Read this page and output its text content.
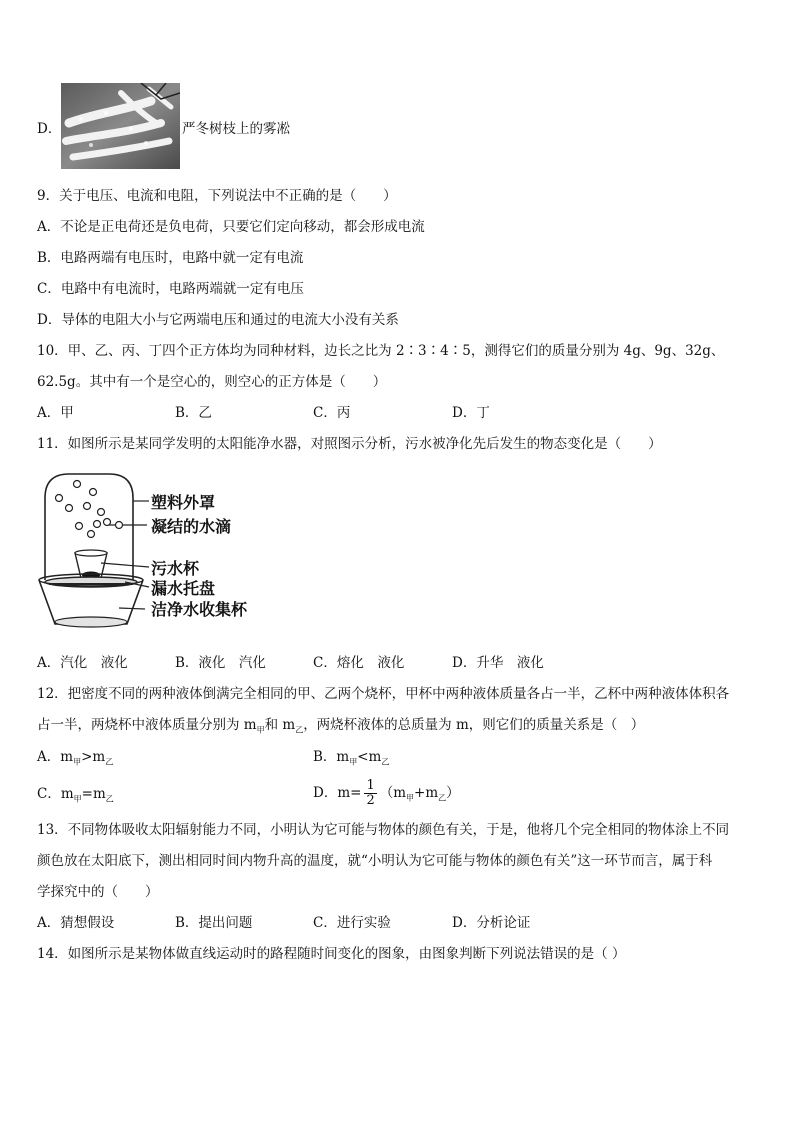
D．	严冬树枝上的雾凇
9．关于电压、电流和电阻，下列说法中不正确的是（　　）
A．不论是正电荷还是负电荷，只要它们定向移动，都会形成电流
B．电路两端有电压时，电路中就一定有电流
C．电路中有电流时，电路两端就一定有电压
D．导体的电阻大小与它两端电压和通过的电流大小没有关系
10．甲、乙、丙、丁四个正方体均为同种材料，边长之比为 2∶3∶4∶5，测得它们的质量分别为 4g、9g、32g、
62.5g。其中有一个是空心的，则空心的正方体是（　　）
A．甲	B．乙	C．丙	D．丁
11．如图所示是某同学发明的太阳能净水器，对照图示分析，污水被净化先后发生的物态变化是（　　）
塑料外罩
凝结的水滴
污水杯
漏水托盘
洁净水收集杯
A．汽化　液化	B．液化　汽化	C．熔化　液化	D．升华　液化
12．把密度不同的两种液体倒满完全相同的甲、乙两个烧杯，甲杯中两种液体质量各占一半，乙杯中两种液体体积各
占一半，两烧杯中液体质量分别为 $m_甲$和 $m_乙$，两烧杯液体的总质量为 m，则它们的质量关系是（　）
A．$m_甲>m_乙$	B．$m_甲<m_乙$
C．$m_甲=m_乙$	D．$m= \frac{1}{2} (m_甲+m_乙)$
13．不同物体吸收太阳辐射能力不同，小明认为它可能与物体的颜色有关，于是，他将几个完全相同的物体涂上不同
颜色放在太阳底下，测出相同时间内物升高的温度，就“小明认为它可能与物体的颜色有关”这一环节而言，属于科
学探究中的（　　）
A．猜想假设	B．提出问题	C．进行实验	D．分析论证
14．如图所示是某物体做直线运动时的路程随时间变化的图象，由图象判断下列说法错误的是（ ）
